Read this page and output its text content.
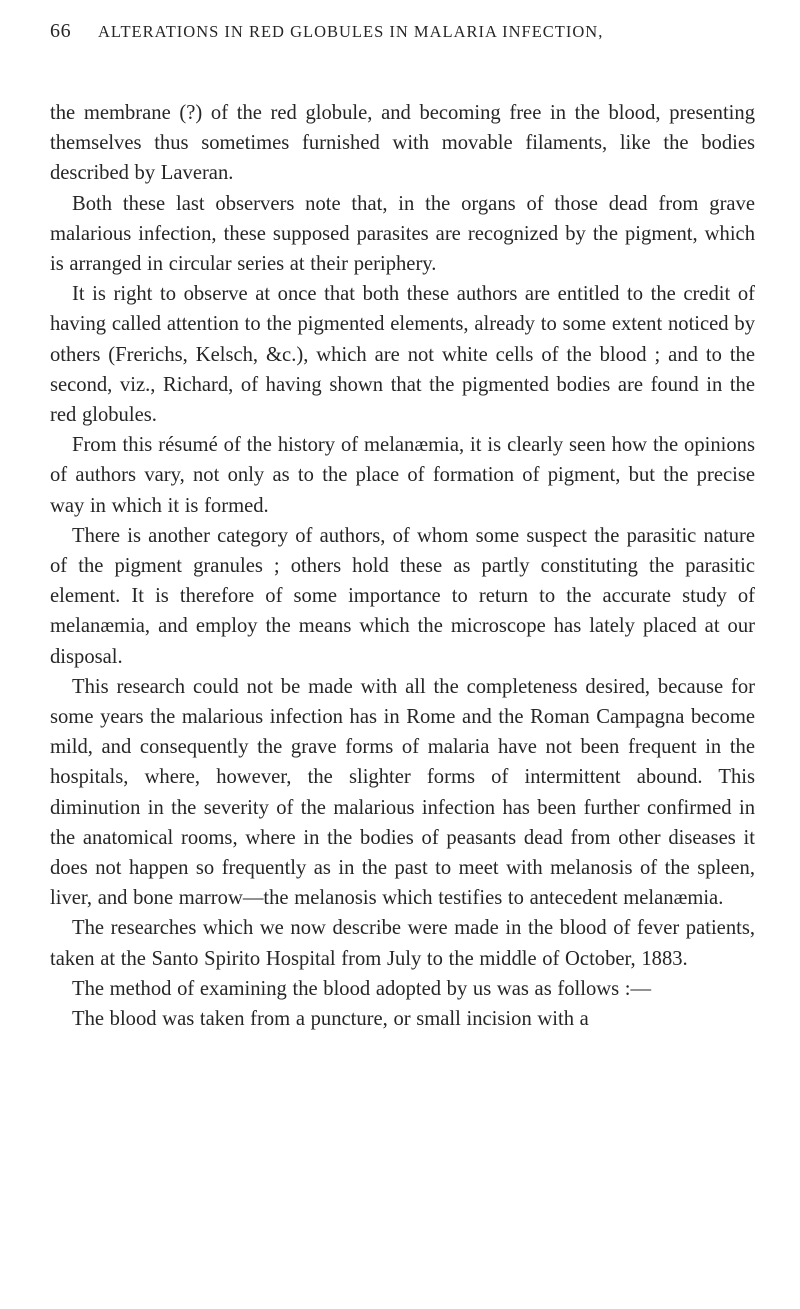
66	ALTERATIONS IN RED GLOBULES IN MALARIA INFECTION,

the membrane (?) of the red globule, and becoming free in the blood, presenting themselves thus sometimes furnished with movable filaments, like the bodies described by Laveran.

Both these last observers note that, in the organs of those dead from grave malarious infection, these supposed parasites are recognized by the pigment, which is arranged in circular series at their periphery.

It is right to observe at once that both these authors are entitled to the credit of having called attention to the pigmented elements, already to some extent noticed by others (Frerichs, Kelsch, &c.), which are not white cells of the blood ; and to the second, viz., Richard, of having shown that the pigmented bodies are found in the red globules.

From this résumé of the history of melanæmia, it is clearly seen how the opinions of authors vary, not only as to the place of formation of pigment, but the precise way in which it is formed.

There is another category of authors, of whom some suspect the parasitic nature of the pigment granules ; others hold these as partly constituting the parasitic element. It is therefore of some importance to return to the accurate study of melanæmia, and employ the means which the microscope has lately placed at our disposal.

This research could not be made with all the completeness desired, because for some years the malarious infection has in Rome and the Roman Campagna become mild, and consequently the grave forms of malaria have not been frequent in the hospitals, where, however, the slighter forms of intermittent abound. This diminution in the severity of the malarious infection has been further confirmed in the anatomical rooms, where in the bodies of peasants dead from other diseases it does not happen so frequently as in the past to meet with melanosis of the spleen, liver, and bone marrow—the melanosis which testifies to antecedent melanæmia.

The researches which we now describe were made in the blood of fever patients, taken at the Santo Spirito Hospital from July to the middle of October, 1883.

The method of examining the blood adopted by us was as follows :—

The blood was taken from a puncture, or small incision with a
